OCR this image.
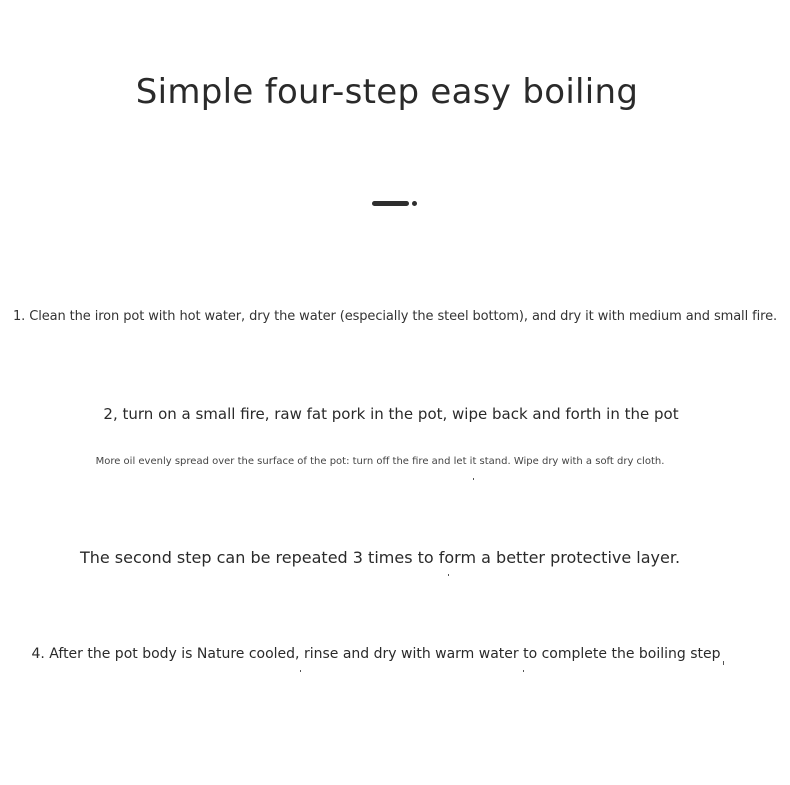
Simple four-step easy boiling

1. Clean the iron pot with hot water, dry the water (especially the steel bottom), and dry it with medium and small fire.

2, turn on a small fire, raw fat pork in the pot, wipe back and forth in the pot

More oil evenly spread over the surface of the pot: turn off the fire and let it stand. Wipe dry with a soft dry cloth.

The second step can be repeated 3 times to form a better protective layer.

4. After the pot body is Nature cooled, rinse and dry with warm water to complete the boiling step
